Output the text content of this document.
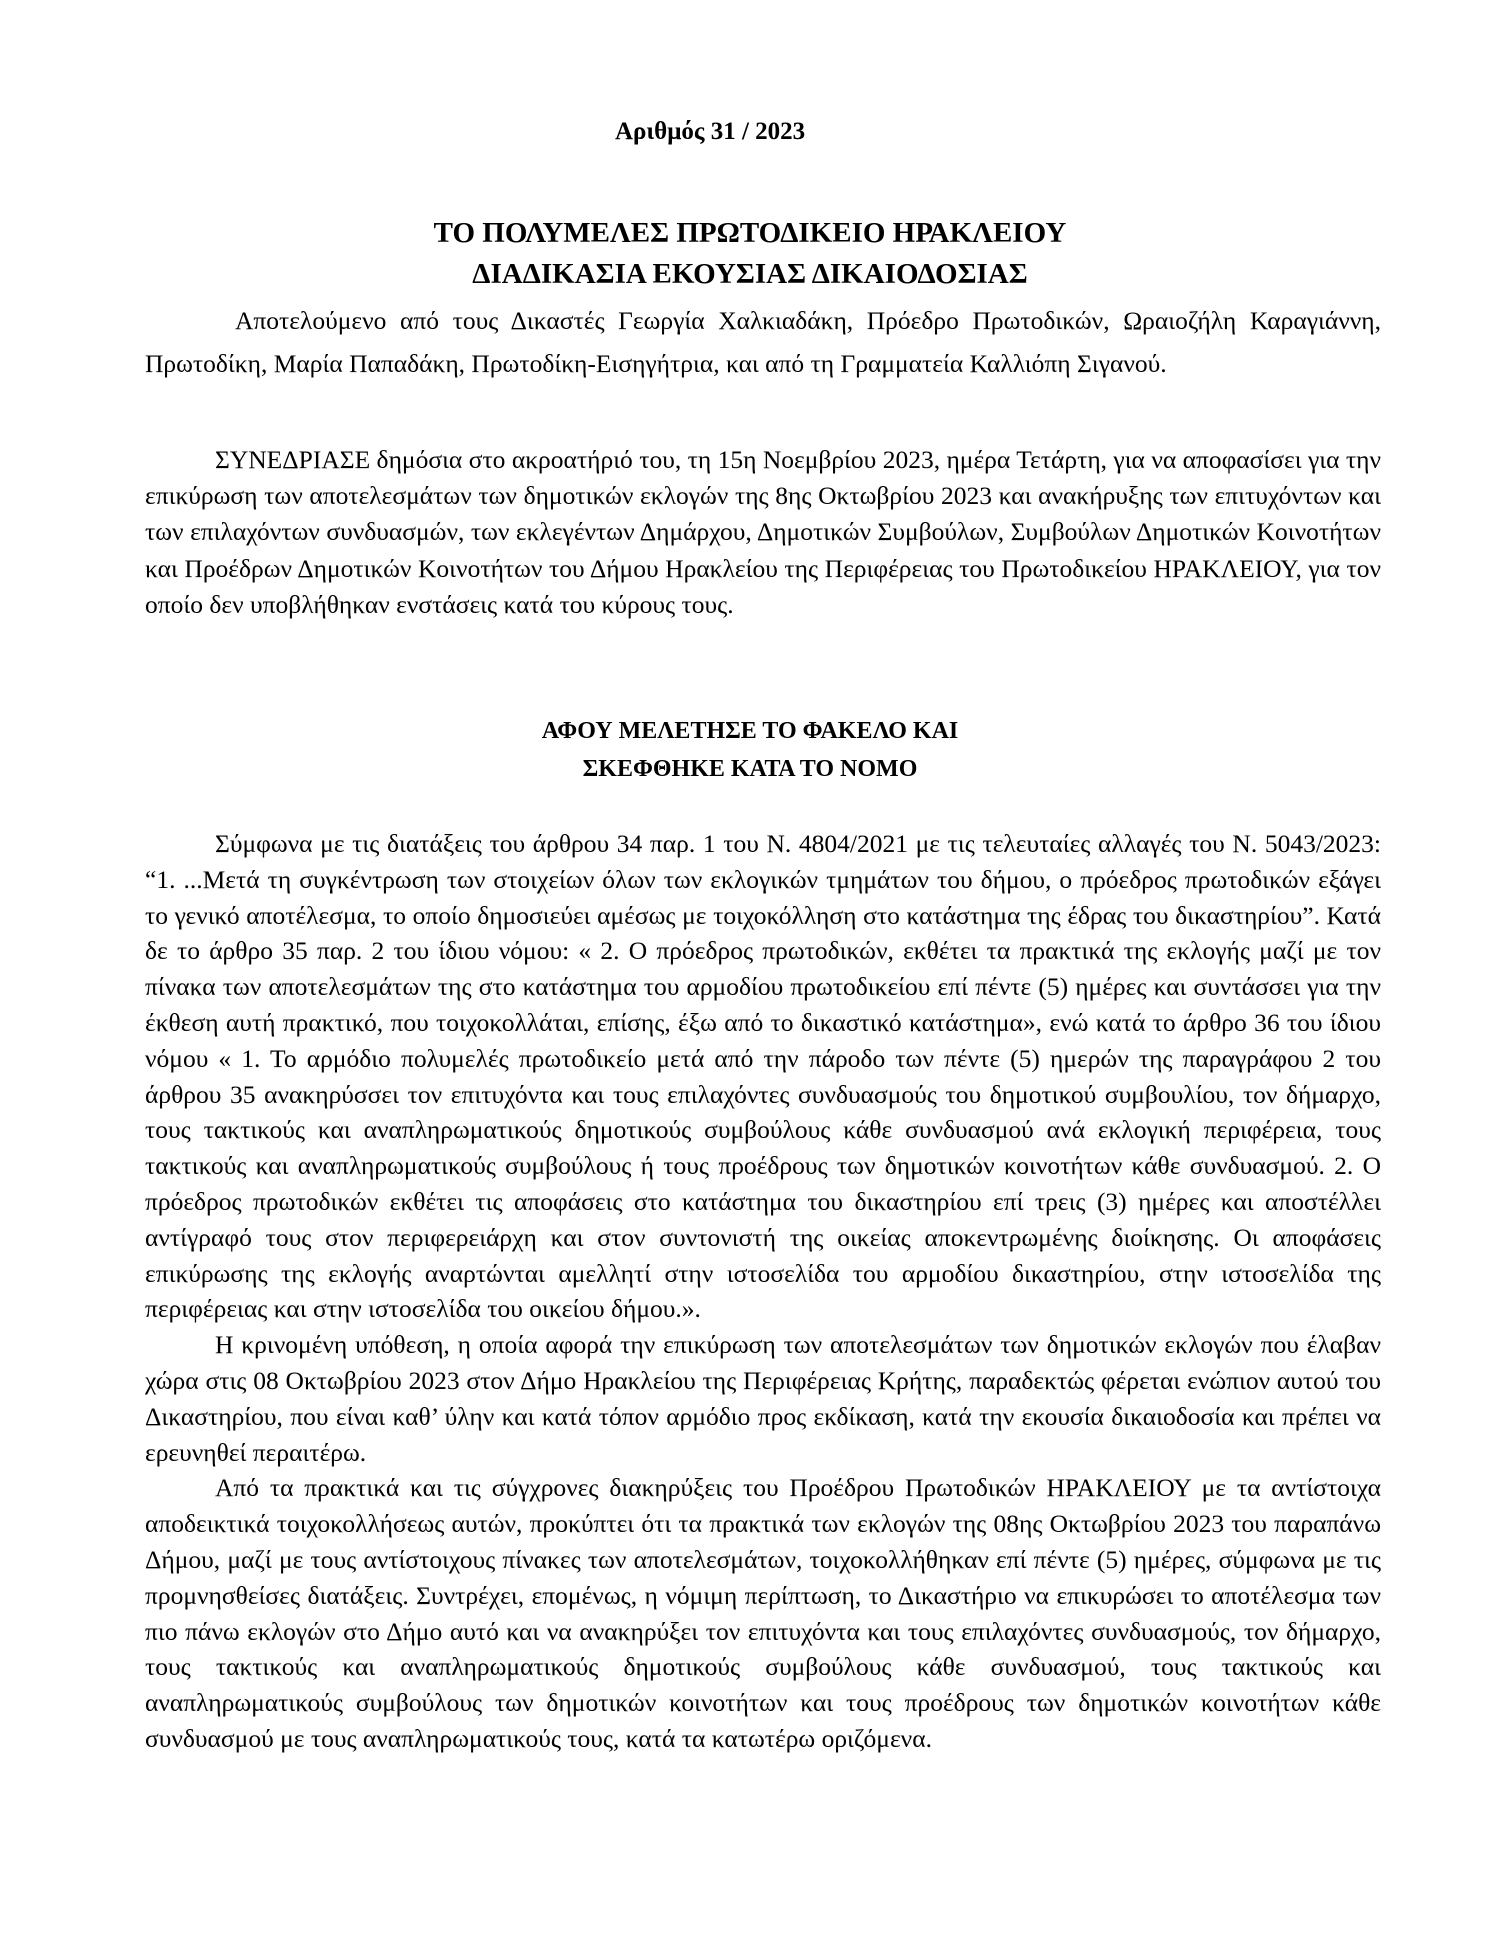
Αριθμός 31 / 2023
ΤΟ ΠΟΛΥΜΕΛΕΣ ΠΡΩΤΟΔΙΚΕΙΟ ΗΡΑΚΛΕΙΟΥ
ΔΙΑΔΙΚΑΣΙΑ ΕΚΟΥΣΙΑΣ ΔΙΚΑΙΟΔΟΣΙΑΣ

Αποτελούμενο από τους Δικαστές Γεωργία Χαλκιαδάκη, Πρόεδρο Πρωτοδικών, Ωραιοζήλη Καραγιάννη, Πρωτοδίκη, Μαρία Παπαδάκη, Πρωτοδίκη-Εισηγήτρια, και από τη Γραμματεία Καλλιόπη Σιγανού.

ΣΥΝΕΔΡΙΑΣΕ δημόσια στο ακροατήριό του, τη 15η Νοεμβρίου 2023, ημέρα Τετάρτη, για να αποφασίσει για την επικύρωση των αποτελεσμάτων των δημοτικών εκλογών της 8ης Οκτωβρίου 2023 και ανακήρυξης των επιτυχόντων και των επιλαχόντων συνδυασμών, των εκλεγέντων Δημάρχου, Δημοτικών Συμβούλων, Συμβούλων Δημοτικών Κοινοτήτων και Προέδρων Δημοτικών Κοινοτήτων του Δήμου Ηρακλείου της Περιφέρειας του Πρωτοδικείου ΗΡΑΚΛΕΙΟΥ, για τον οποίο δεν υποβλήθηκαν ενστάσεις κατά του κύρους τους.

ΑΦΟΥ ΜΕΛΕΤΗΣΕ ΤΟ ΦΑΚΕΛΟ ΚΑΙ
ΣΚΕΦΘΗΚΕ ΚΑΤΑ ΤΟ ΝΟΜΟ

Σύμφωνα με τις διατάξεις του άρθρου 34 παρ. 1 του Ν. 4804/2021 με τις τελευταίες αλλαγές του Ν. 5043/2023: “1. ...Μετά τη συγκέντρωση των στοιχείων όλων των εκλογικών τμημάτων του δήμου, ο πρόεδρος πρωτοδικών εξάγει το γενικό αποτέλεσμα, το οποίο δημοσιεύει αμέσως με τοιχοκόλληση στο κατάστημα της έδρας του δικαστηρίου”. Κατά δε το άρθρο 35 παρ. 2 του ίδιου νόμου: « 2. Ο πρόεδρος πρωτοδικών, εκθέτει τα πρακτικά της εκλογής μαζί με τον πίνακα των αποτελεσμάτων της στο κατάστημα του αρμοδίου πρωτοδικείου επί πέντε (5) ημέρες και συντάσσει για την έκθεση αυτή πρακτικό, που τοιχοκολλάται, επίσης, έξω από το δικαστικό κατάστημα», ενώ κατά το άρθρο 36 του ίδιου νόμου « 1. Το αρμόδιο πολυμελές πρωτοδικείο μετά από την πάροδο των πέντε (5) ημερών της παραγράφου 2 του άρθρου 35 ανακηρύσσει τον επιτυχόντα και τους επιλαχόντες συνδυασμούς του δημοτικού συμβουλίου, τον δήμαρχο, τους τακτικούς και αναπληρωματικούς δημοτικούς συμβούλους κάθε συνδυασμού ανά εκλογική περιφέρεια, τους τακτικούς και αναπληρωματικούς συμβούλους ή τους προέδρους των δημοτικών κοινοτήτων κάθε συνδυασμού. 2. Ο πρόεδρος πρωτοδικών εκθέτει τις αποφάσεις στο κατάστημα του δικαστηρίου επί τρεις (3) ημέρες και αποστέλλει αντίγραφό τους στον περιφερειάρχη και στον συντονιστή της οικείας αποκεντρωμένης διοίκησης. Οι αποφάσεις επικύρωσης της εκλογής αναρτώνται αμελλητί στην ιστοσελίδα του αρμοδίου δικαστηρίου, στην ιστοσελίδα της περιφέρειας και στην ιστοσελίδα του οικείου δήμου.».

Η κρινομένη υπόθεση, η οποία αφορά την επικύρωση των αποτελεσμάτων των δημοτικών εκλογών που έλαβαν χώρα στις 08 Οκτωβρίου 2023 στον Δήμο Ηρακλείου της Περιφέρειας Κρήτης, παραδεκτώς φέρεται ενώπιον αυτού του Δικαστηρίου, που είναι καθ’ ύλην και κατά τόπον αρμόδιο προς εκδίκαση, κατά την εκουσία δικαιοδοσία και πρέπει να ερευνηθεί περαιτέρω.

Από τα πρακτικά και τις σύγχρονες διακηρύξεις του Προέδρου Πρωτοδικών ΗΡΑΚΛΕΙΟΥ με τα αντίστοιχα αποδεικτικά τοιχοκολλήσεως αυτών, προκύπτει ότι τα πρακτικά των εκλογών της 08ης Οκτωβρίου 2023 του παραπάνω Δήμου, μαζί με τους αντίστοιχους πίνακες των αποτελεσμάτων, τοιχοκολλήθηκαν επί πέντε (5) ημέρες, σύμφωνα με τις προμνησθείσες διατάξεις. Συντρέχει, επομένως, η νόμιμη περίπτωση, το Δικαστήριο να επικυρώσει το αποτέλεσμα των πιο πάνω εκλογών στο Δήμο αυτό και να ανακηρύξει τον επιτυχόντα και τους επιλαχόντες συνδυασμούς, τον δήμαρχο, τους τακτικούς και αναπληρωματικούς δημοτικούς συμβούλους κάθε συνδυασμού, τους τακτικούς και αναπληρωματικούς συμβούλους των δημοτικών κοινοτήτων και τους προέδρους των δημοτικών κοινοτήτων κάθε συνδυασμού με τους αναπληρωματικούς τους, κατά τα κατωτέρω οριζόμενα.
